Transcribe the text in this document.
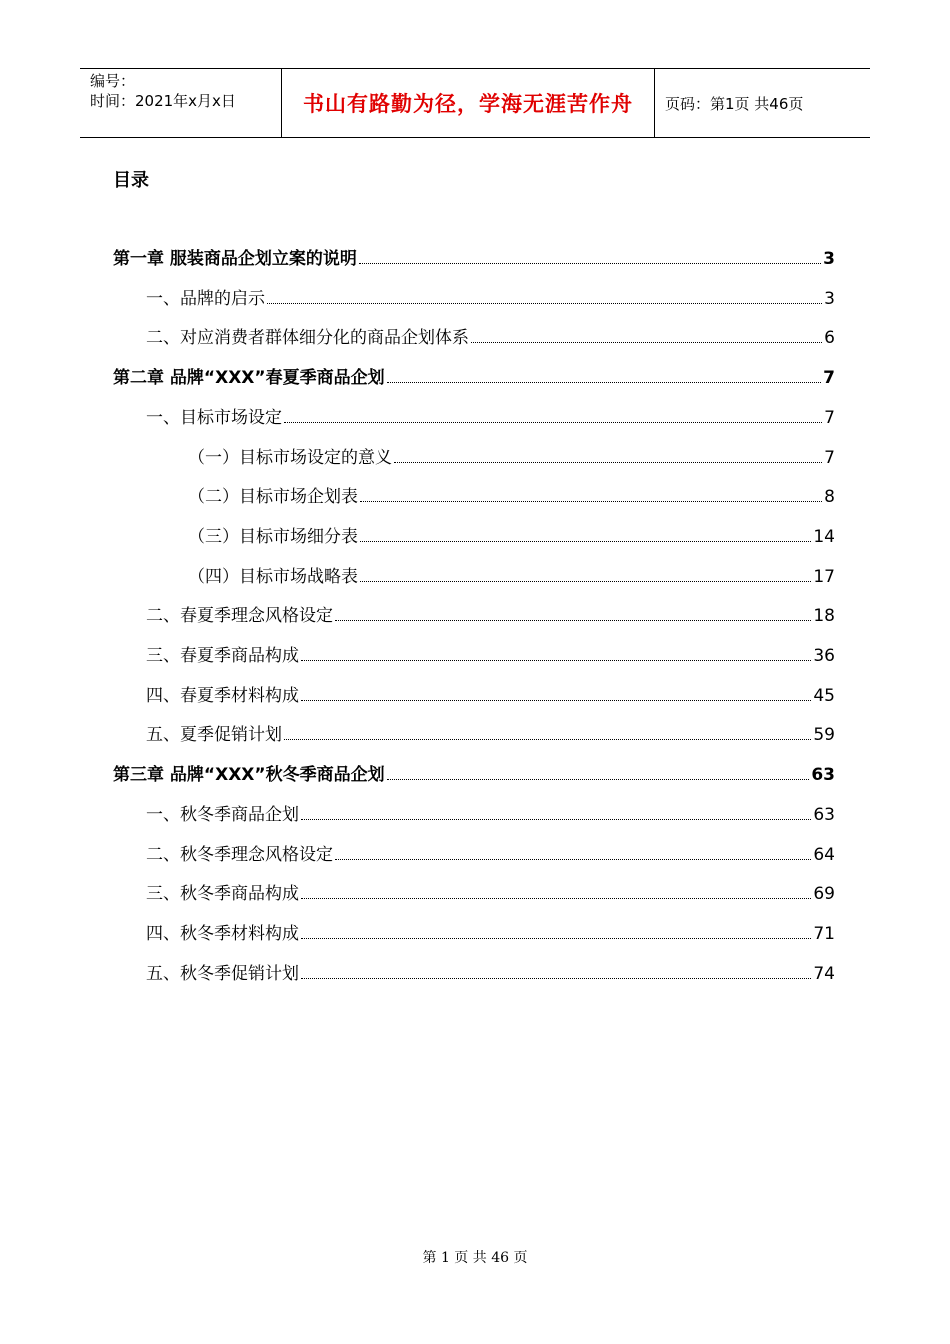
编号：
时间：2021年x月x日	书山有路勤为径，学海无涯苦作舟 页码：第1页 共46页
目录
第一章 服装商品企划立案的说明	3
一、品牌的启示	3
二、对应消费者群体细分化的商品企划体系	6
第二章 品牌“XXX”春夏季商品企划	7
一、目标市场设定	7
（一）目标市场设定的意义	7
（二）目标市场企划表	8
（三）目标市场细分表	14
（四）目标市场战略表	17
二、春夏季理念风格设定	18
三、春夏季商品构成	36
四、春夏季材料构成	45
五、夏季促销计划	59
第三章 品牌“XXX”秋冬季商品企划	63
一、秋冬季商品企划	63
二、秋冬季理念风格设定	64
三、秋冬季商品构成	69
四、秋冬季材料构成	71
五、秋冬季促销计划	74
第 1 页 共 46 页
